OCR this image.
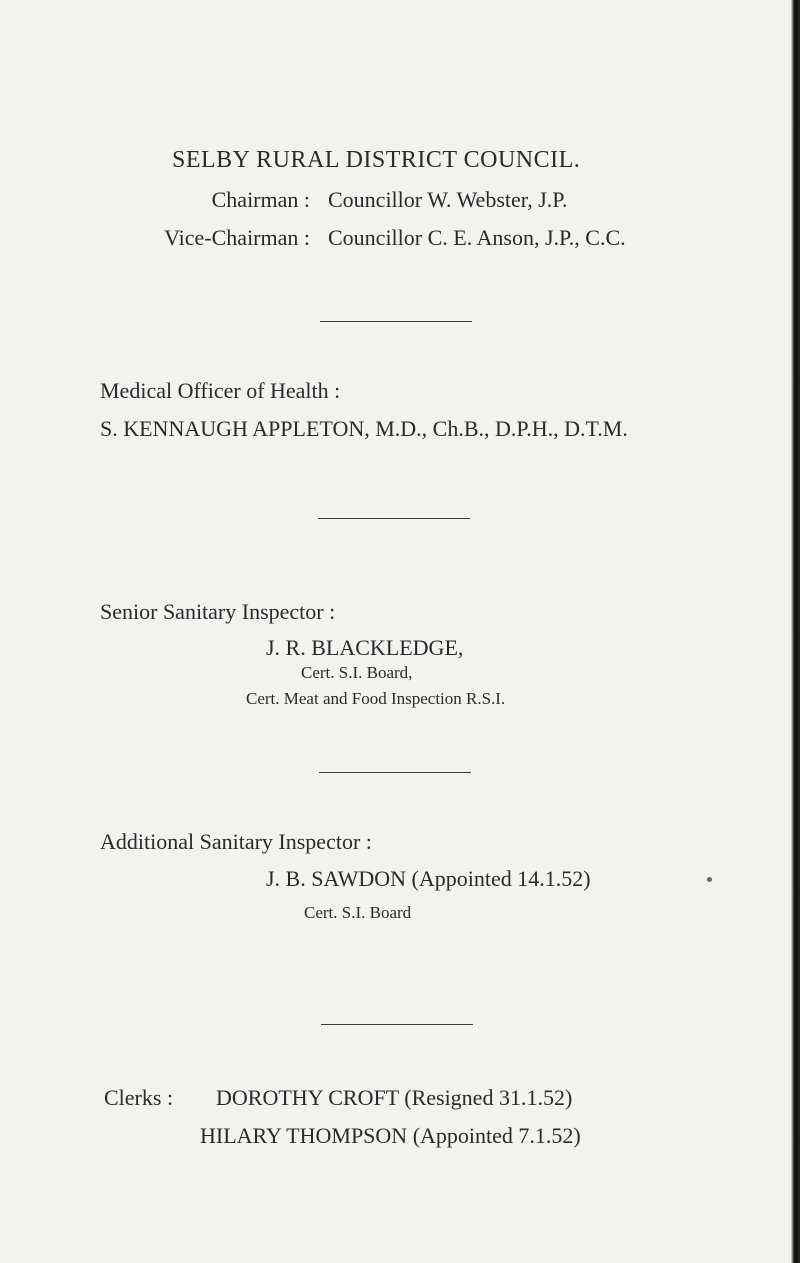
SELBY RURAL DISTRICT COUNCIL.
Chairman : Councillor W. Webster, J.P.
Vice-Chairman : Councillor C. E. Anson, J.P., C.C.
Medical Officer of Health :
S. KENNAUGH APPLETON, M.D., Ch.B., D.P.H., D.T.M.
Senior Sanitary Inspector :
J. R. BLACKLEDGE,
Cert. S.I. Board,
Cert. Meat and Food Inspection R.S.I.
Additional Sanitary Inspector :
J. B. SAWDON (Appointed 14.1.52)
Cert. S.I. Board
Clerks : DOROTHY CROFT (Resigned 31.1.52)
HILARY THOMPSON (Appointed 7.1.52)
